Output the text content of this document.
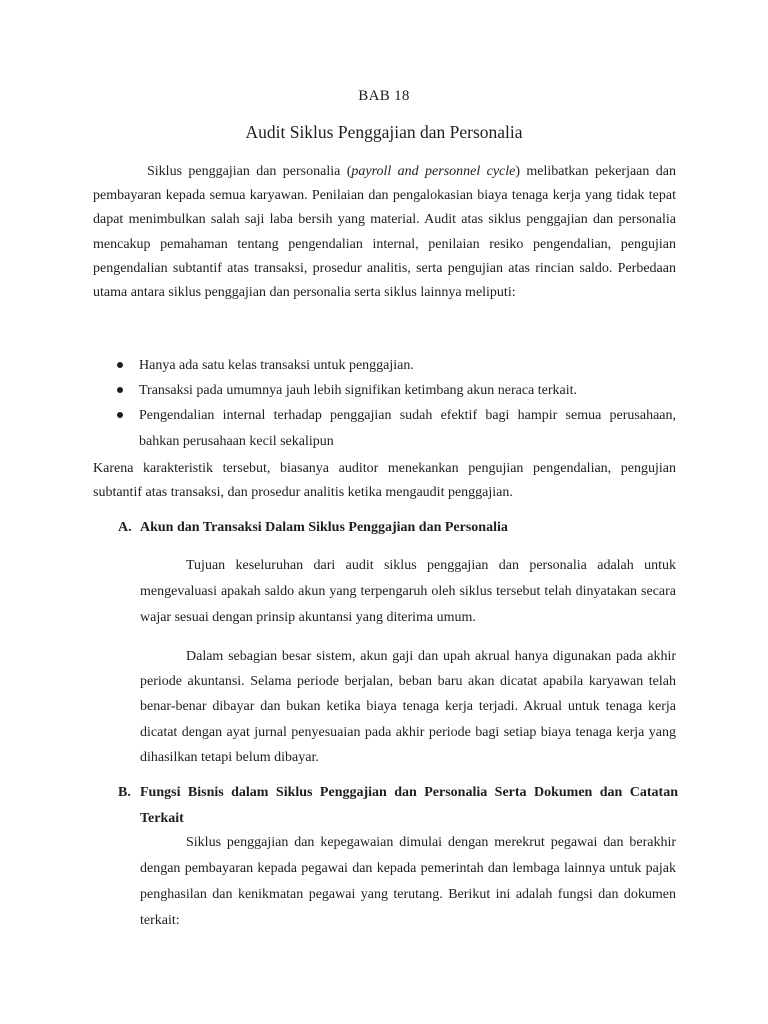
BAB 18
Audit Siklus Penggajian dan Personalia

Siklus penggajian dan personalia (payroll and personnel cycle) melibatkan pekerjaan dan pembayaran kepada semua karyawan. Penilaian dan pengalokasian biaya tenaga kerja yang tidak tepat dapat menimbulkan salah saji laba bersih yang material. Audit atas siklus penggajian dan personalia mencakup pemahaman tentang pengendalian internal, penilaian resiko pengendalian, pengujian pengendalian subtantif atas transaksi, prosedur analitis, serta pengujian atas rincian saldo. Perbedaan utama antara siklus penggajian dan personalia serta siklus lainnya meliputi:

Hanya ada satu kelas transaksi untuk penggajian.
Transaksi pada umumnya jauh lebih signifikan ketimbang akun neraca terkait.
Pengendalian internal terhadap penggajian sudah efektif bagi hampir semua perusahaan, bahkan perusahaan kecil sekalipun
Karena karakteristik tersebut, biasanya auditor menekankan pengujian pengendalian, pengujian subtantif atas transaksi, dan prosedur analitis ketika mengaudit penggajian.
A. Akun dan Transaksi Dalam Siklus Penggajian dan Personalia

Tujuan keseluruhan dari audit siklus penggajian dan personalia adalah untuk mengevaluasi apakah saldo akun yang terpengaruh oleh siklus tersebut telah dinyatakan secara wajar sesuai dengan prinsip akuntansi yang diterima umum.

Dalam sebagian besar sistem, akun gaji dan upah akrual hanya digunakan pada akhir periode akuntansi. Selama periode berjalan, beban baru akan dicatat apabila karyawan telah benar-benar dibayar dan bukan ketika biaya tenaga kerja terjadi. Akrual untuk tenaga kerja dicatat dengan ayat jurnal penyesuaian pada akhir periode bagi setiap biaya tenaga kerja yang dihasilkan tetapi belum dibayar.

B. Fungsi Bisnis dalam Siklus Penggajian dan Personalia Serta Dokumen dan Catatan Terkait

Siklus penggajian dan kepegawaian dimulai dengan merekrut pegawai dan berakhir dengan pembayaran kepada pegawai dan kepada pemerintah dan lembaga lainnya untuk pajak penghasilan dan kenikmatan pegawai yang terutang. Berikut ini adalah fungsi dan dokumen terkait:
